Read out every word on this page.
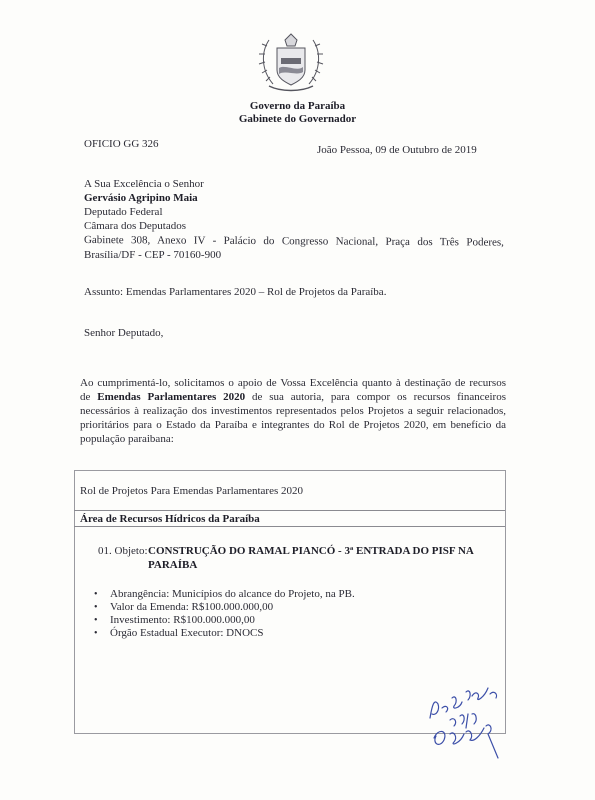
Governo da Paraíba
Gabinete do Governador
OFICIO GG 326	João Pessoa, 09 de Outubro de 2019
A Sua Excelência o Senhor
Gervásio Agripino Maia
Deputado Federal
Câmara dos Deputados
Gabinete 308, Anexo IV - Palácio do Congresso Nacional, Praça dos Três Poderes,
Brasília/DF - CEP - 70160-900
Assunto: Emendas Parlamentares 2020 – Rol de Projetos da Paraíba.
Senhor Deputado,
Ao cumprimentá-lo, solicitamos o apoio de Vossa Excelência quanto à destinação de recursos
de Emendas Parlamentares 2020 de sua autoria, para compor os recursos financeiros
necessários à realização dos investimentos representados pelos Projetos a seguir relacionados,
prioritários para o Estado da Paraíba e integrantes do Rol de Projetos 2020, em benefício da
população paraibana:
Rol de Projetos Para Emendas Parlamentares 2020
Área de Recursos Hídricos da Paraíba
01. Objeto: CONSTRUÇÃO DO RAMAL PIANCÓ - 3ª ENTRADA DO PISF NA
PARAÍBA
• Abrangência: Municípios do alcance do Projeto, na PB.
• Valor da Emenda: R$100.000.000,00
• Investimento: R$100.000.000,00
• Órgão Estadual Executor: DNOCS
